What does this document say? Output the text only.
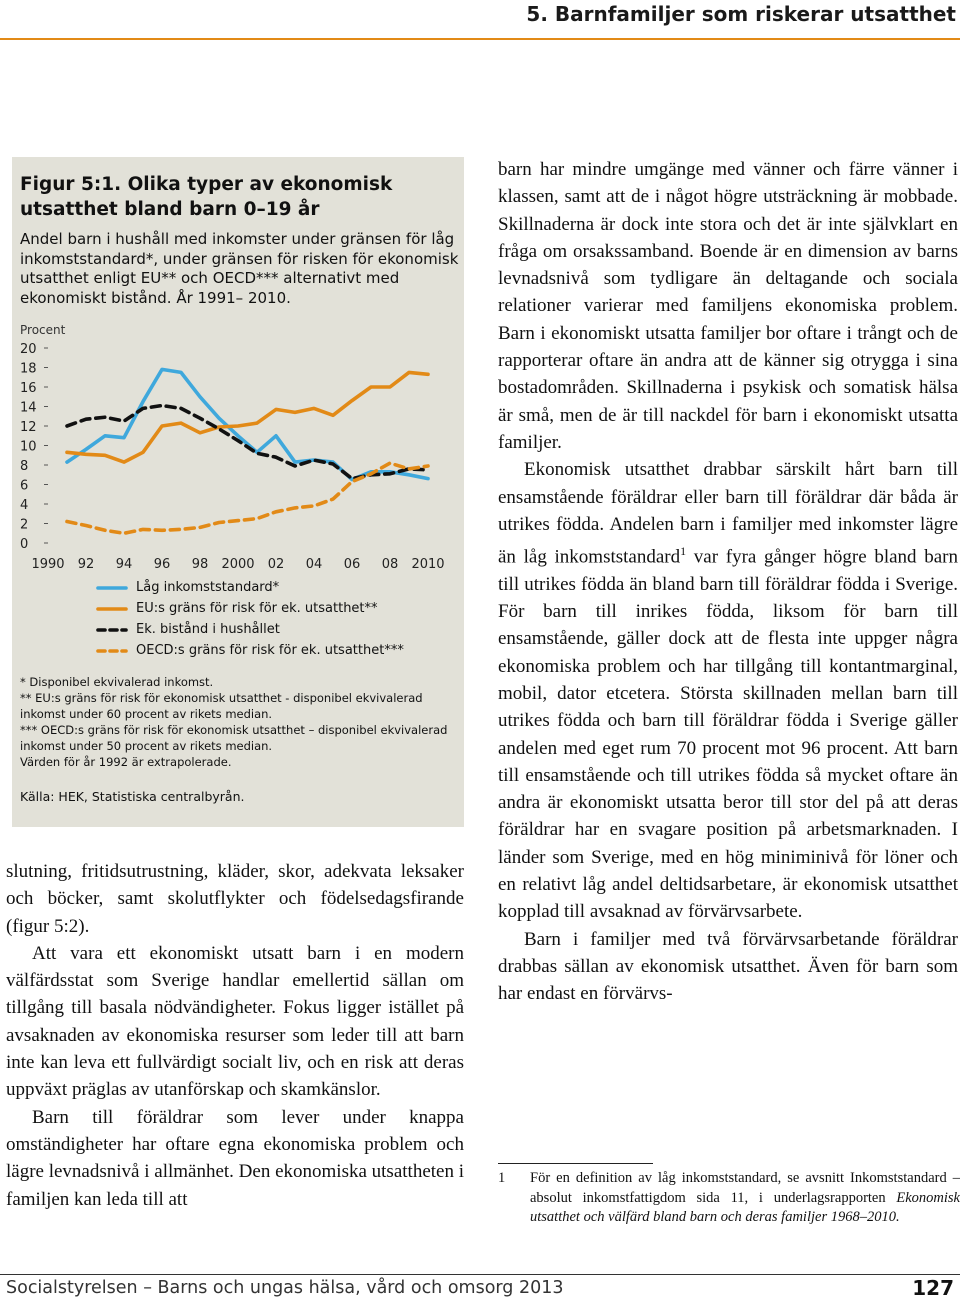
5. Barnfamiljer som riskerar utsatthet
Figur 5:1. Olika typer av ekonomisk utsatthet bland barn 0–19 år
Andel barn i hushåll med inkomster under gränsen för låg inkomststandard*, under gränsen för risken för ekonomisk utsatthet enligt EU** och OECD*** alternativt med ekonomiskt bistånd. År 1991– 2010.
Procent
0
2
4
6
8
10
12
14
16
18
20
1990 92 94 96 98 2000 02 04 06 08 2010
Låg inkomststandard*
EU:s gräns för risk för ek. utsatthet**
Ek. bistånd i hushållet
OECD:s gräns för risk för ek. utsatthet***

* Disponibel ekvivalerad inkomst.

** EU:s gräns för risk för ekonomisk utsatthet - disponibel ekvivalerad inkomst under 60 procent av rikets median.

*** OECD:s gräns för risk för ekonomisk utsatthet – disponibel ekvivalerad inkomst under 50 procent av rikets median.

Värden för år 1992 är extrapolerade.

Källa: HEK, Statistiska centralbyrån.

slutning, fritidsutrustning, kläder, skor, adekvata leksaker och böcker, samt skolutflykter och födelsedagsfirande (figur 5:2).

Att vara ett ekonomiskt utsatt barn i en modern välfärdsstat som Sverige handlar emellertid sällan om tillgång till basala nödvändigheter. Fokus ligger istället på avsaknaden av ekonomiska resurser som leder till att barn inte kan leva ett fullvärdigt socialt liv, och en risk att deras uppväxt präglas av utanförskap och skamkänslor.

Barn till föräldrar som lever under knappa omständigheter har oftare egna ekonomiska problem och lägre levnadsnivå i allmänhet. Den ekonomiska utsattheten i familjen kan leda till att

barn har mindre umgänge med vänner och färre vänner i klassen, samt att de i något högre utsträckning är mobbade. Skillnaderna är dock inte stora och det är inte självklart en fråga om orsakssamband. Boende är en dimension av barns levnadsnivå som tydligare än deltagande och sociala relationer varierar med familjens ekonomiska problem. Barn i ekonomiskt utsatta familjer bor oftare i trångt och de rapporterar oftare än andra att de känner sig otrygga i sina bostadområden. Skillnaderna i psykisk och somatisk hälsa är små, men de är till nackdel för barn i ekonomiskt utsatta familjer.

Ekonomisk utsatthet drabbar särskilt hårt barn till ensamstående föräldrar eller barn till föräldrar där båda är utrikes födda. Andelen barn i familjer med inkomster lägre än låg inkomststandard$^1$ var fyra gånger högre bland barn till utrikes födda än bland barn till föräldrar födda i Sverige. För barn till inrikes födda, liksom för barn till ensamstående, gäller dock att de flesta inte uppger några ekonomiska problem och har tillgång till kontantmarginal, mobil, dator etcetera. Största skillnaden mellan barn till utrikes födda och barn till föräldrar födda i Sverige gäller andelen med eget rum 70 procent mot 96 procent. Att barn till ensamstående och till utrikes födda så mycket oftare än andra är ekonomiskt utsatta beror till stor del på att deras föräldrar har en svagare position på arbetsmarknaden. I länder som Sverige, med en hög miniminivå för löner och en relativt låg andel deltidsarbetare, är ekonomisk utsatthet kopplad till avsaknad av förvärvsarbete.

Barn i familjer med två förvärvsarbetande föräldrar drabbas sällan av ekonomisk utsatthet. Även för barn som har endast en förvärvs-

1 För en definition av låg inkomststandard, se avsnitt Inkomststandard – absolut inkomstfattigdom sida 11, i underlagsrapporten Ekonomisk utsatthet och välfärd bland barn och deras familjer 1968–2010.
Socialstyrelsen – Barns och ungas hälsa, vård och omsorg 2013	127
